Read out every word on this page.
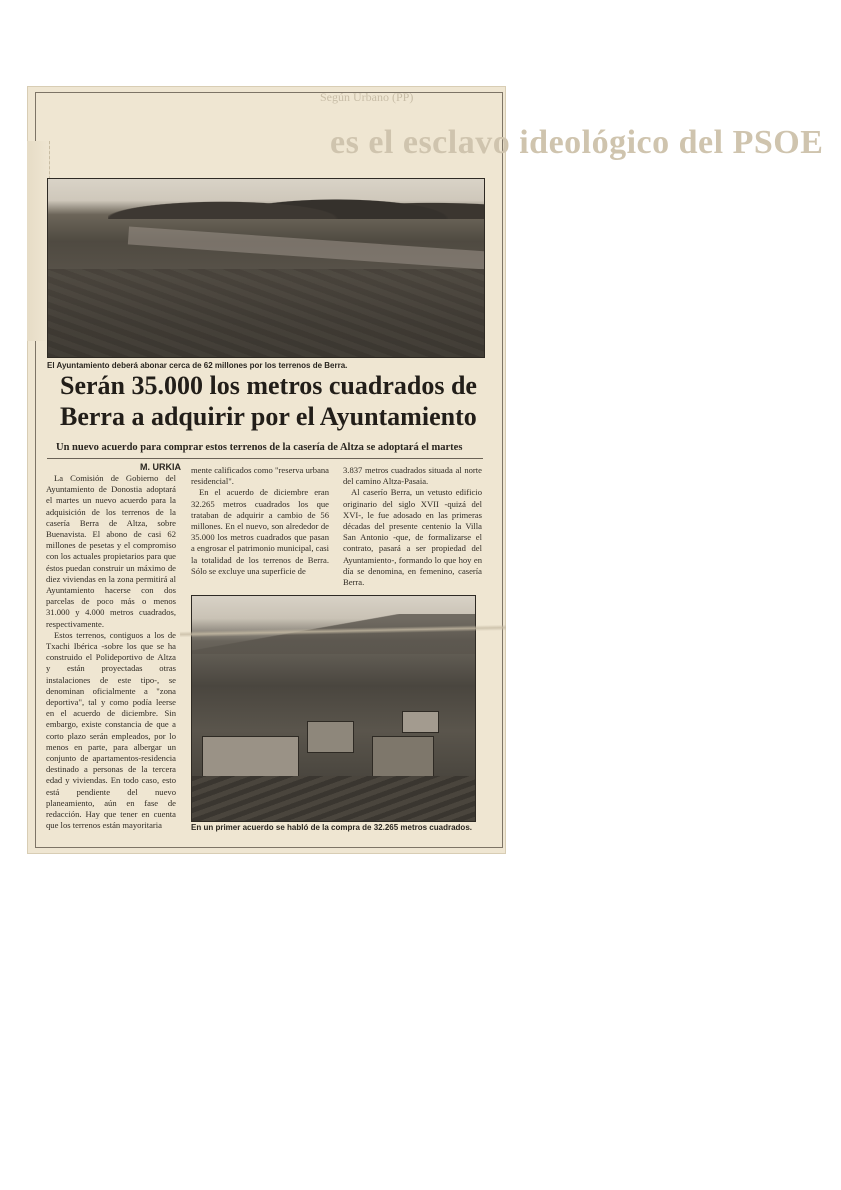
Según Urbano (PP)
es el esclavo ideológico del PSOE
El Ayuntamiento deberá abonar cerca de 62 millones por los terrenos de Berra.
Serán 35.000 los metros cuadrados de Berra a adquirir por el Ayuntamiento
Un nuevo acuerdo para comprar estos terrenos de la casería de Altza se adoptará el martes
M. URKIA

La Comisión de Gobierno del Ayuntamiento de Donostia adoptará el martes un nuevo acuerdo para la adquisición de los terrenos de la casería Berra de Altza, sobre Buenavista. El abono de casi 62 millones de pesetas y el compromiso con los actuales propietarios para que éstos puedan construir un máximo de diez viviendas en la zona permitirá al Ayuntamiento hacerse con dos parcelas de poco más o menos 31.000 y 4.000 metros cuadrados, respectivamente.

Estos terrenos, contiguos a los de Txachi Ibérica -sobre los que se ha construido el Polideportivo de Altza y están proyectadas otras instalaciones de este tipo-, se denominan oficialmente a "zona deportiva", tal y como podía leerse en el acuerdo de diciembre. Sin embargo, existe constancia de que a corto plazo serán empleados, por lo menos en parte, para albergar un conjunto de apartamentos-residencia destinado a personas de la tercera edad y viviendas. En todo caso, esto está pendiente del nuevo planeamiento, aún en fase de redacción. Hay que tener en cuenta que los terrenos están mayoritaria

mente calificados como "reserva urbana residencial".

En el acuerdo de diciembre eran 32.265 metros cuadrados los que trataban de adquirir a cambio de 56 millones. En el nuevo, son alrededor de 35.000 los metros cuadrados que pasan a engrosar el patrimonio municipal, casi la totalidad de los terrenos de Berra. Sólo se excluye una superficie de

3.837 metros cuadrados situada al norte del camino Altza-Pasaia.

Al caserío Berra, un vetusto edificio originario del siglo XVII -quizá del XVI-, le fue adosado en las primeras décadas del presente centenio la Villa San Antonio -que, de formalizarse el contrato, pasará a ser propiedad del Ayuntamiento-, formando lo que hoy en día se denomina, en femenino, casería Berra.

En un primer acuerdo se habló de la compra de 32.265 metros cuadrados.
